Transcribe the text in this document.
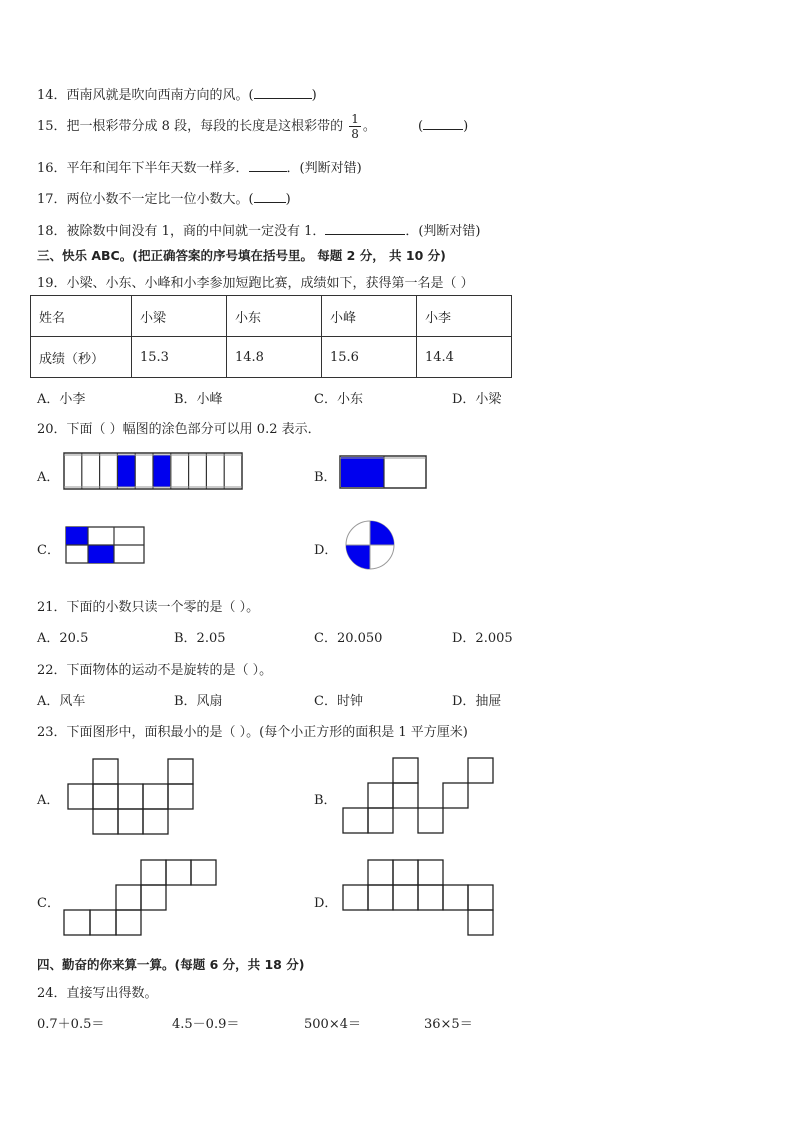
14．西南风就是吹向西南方向的风。(	)
15．把一根彩带分成 8 段，每段的长度是这根彩带的 $\frac{1}{8}$ 。	(	)
16．平年和闰年下半年天数一样多．	．(判断对错)
17．两位小数不一定比一位小数大。( )
18．被除数中间没有 1，商的中间就一定没有 1．	．(判断对错)
三、快乐 ABC。(把正确答案的序号填在括号里。 每题 2 分， 共 10 分)
19．小梁、小东、小峰和小李参加短跑比赛，成绩如下，获得第一名是（ ）
姓名	小梁	小东	小峰	小李
成绩（秒）	15.3	14.8	15.6	14.4
A．小李	B．小峰	C．小东	D．小梁
20．下面（ ）幅图的涂色部分可以用 0.2 表示．
A．	B．
C．	D．
21．下面的小数只读一个零的是（ ）。
A．20.5	B．2.05	C．20.050	D．2.005
22．下面物体的运动不是旋转的是（ ）。
A．风车	B．风扇	C．时钟	D．抽屉
23．下面图形中，面积最小的是（ ）。(每个小正方形的面积是 1 平方厘米)
A．	B．
C．	D．
四、勤奋的你来算一算。(每题 6 分，共 18 分)
24．直接写出得数。
0.7＋0.5＝	4.5－0.9＝	500×4＝	36×5＝
